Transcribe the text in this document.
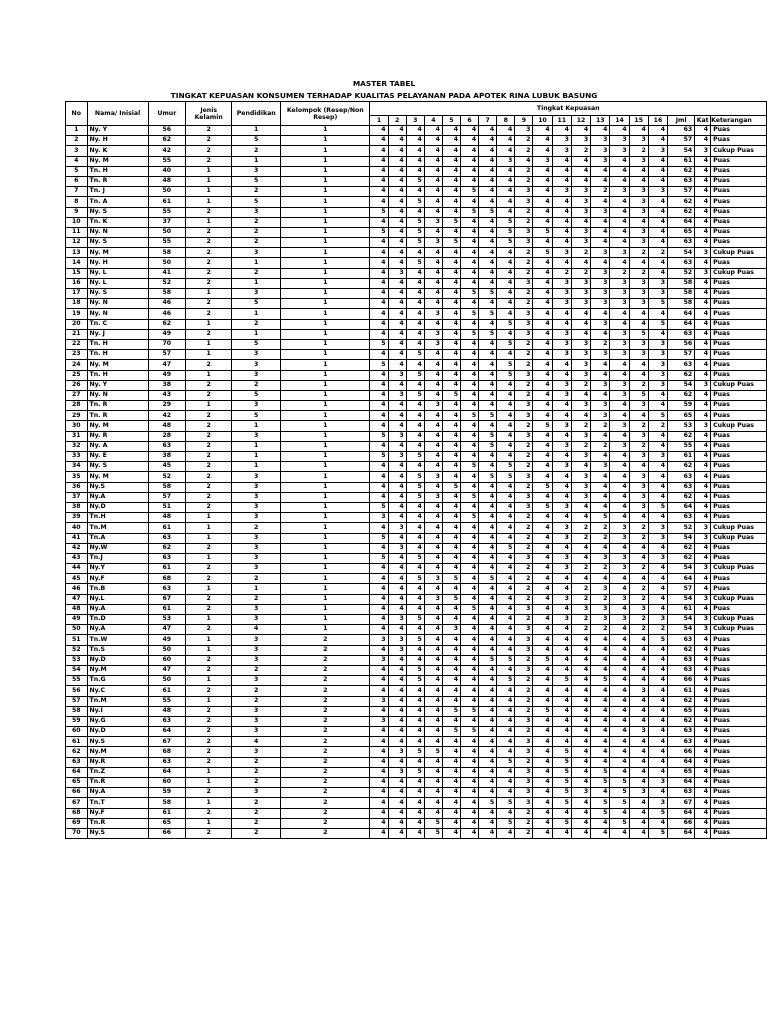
MASTER TABEL
TINGKAT KEPUASAN KONSUMEN TERHADAP KUALITAS PELAYANAN PADA APOTEK RINA LUBUK BASUNG
No	Nama/ Inisial	Umur	Jenis Kelamin	Pendidikan	Kelompok (Resep/Non Resep)	Tingkat Kepuasan																		
						1	2	3	4	5	6	7	8	9	10	11	12	13	14	15	16	Jml	Kat	Keterangan
1	Ny. Y	56	2	1	1	4	4	4	4	4	4	4	4	3	4	4	4	4	4	4	4	63	4	Puas
2	Ny. H	62	2	5	1	4	4	4	4	4	4	4	4	2	4	3	3	3	3	3	4	57	4	Puas
3	Ny. K	42	2	2	1	4	4	4	4	4	4	4	4	2	4	3	2	3	3	2	3	54	3	Cukup Puas
4	Ny. M	55	2	1	1	4	4	4	4	4	4	4	3	4	3	4	4	3	4	3	4	61	4	Puas
5	Tn. H	40	1	3	1	4	4	4	4	4	4	4	4	2	4	4	4	4	4	4	4	62	4	Puas
6	Tn. R	48	1	5	1	4	4	5	4	4	4	4	4	2	4	4	4	4	4	4	4	63	4	Puas
7	Tn. J	50	1	2	1	4	4	4	4	4	5	4	4	3	4	3	3	2	3	3	3	57	4	Puas
8	Tn. A	61	1	5	1	4	4	5	4	4	4	4	4	3	4	4	3	4	4	3	4	62	4	Puas
9	Ny. S	55	2	3	1	5	4	4	4	4	5	5	4	2	4	4	3	3	4	3	4	62	4	Puas
10	Tn. K	37	1	2	1	4	4	5	3	5	4	4	5	2	4	4	4	4	4	4	4	64	4	Puas
11	Ny. N	50	2	2	1	5	4	5	4	4	4	4	5	3	5	4	3	4	4	3	4	65	4	Puas
12	Ny. S	55	2	2	1	4	4	5	3	5	4	4	5	3	4	4	3	4	4	3	4	63	4	Puas
13	Ny. M	58	2	3	1	4	4	4	4	4	4	4	4	2	5	3	2	3	3	2	2	54	3	Cukup Puas
14	Ny. H	50	2	1	1	4	4	5	4	4	4	4	4	2	4	4	4	4	4	4	4	63	4	Puas
15	Ny. L	41	2	2	1	4	3	4	4	4	4	4	4	2	4	2	2	3	2	2	4	52	3	Cukup Puas
16	Ny. L	52	2	1	1	4	4	4	4	4	4	4	4	3	4	3	3	3	3	3	3	58	4	Puas
17	Ny. S	58	1	3	1	4	4	4	4	4	5	5	4	2	4	3	3	3	3	3	3	58	4	Puas
18	Ny. N	46	2	5	1	4	4	4	4	4	4	4	4	2	4	3	3	3	3	3	5	58	4	Puas
19	Ny. N	46	2	1	1	4	4	4	3	4	5	5	4	3	4	4	4	4	4	4	4	64	4	Puas
20	Tn. C	62	1	2	1	4	4	4	4	4	4	4	5	3	4	4	4	3	4	4	5	64	4	Puas
21	Ny. J	49	2	1	1	4	4	4	3	4	5	5	4	3	4	3	4	4	3	5	4	63	4	Puas
22	Tn. H	70	1	5	1	5	4	4	3	4	4	4	5	2	4	3	3	2	3	3	3	56	4	Puas
23	Tn. H	57	1	3	1	4	4	5	4	4	4	4	4	2	4	3	3	3	3	3	3	57	4	Puas
24	Ny. M	47	2	3	1	5	4	4	4	4	4	4	5	2	4	4	3	4	4	4	3	63	4	Puas
25	Tn. H	49	1	3	1	4	3	5	4	4	4	4	5	3	4	4	3	4	4	4	3	62	4	Puas
26	Ny. Y	38	2	2	1	4	4	4	4	4	4	4	4	2	4	3	2	3	3	2	3	54	3	Cukup Puas
27	Ny. N	43	2	5	1	4	3	5	4	5	4	4	4	2	4	3	4	4	3	5	4	62	4	Puas
28	Tn. R	29	1	3	1	4	4	4	3	4	4	4	4	3	4	4	3	3	4	3	4	59	4	Puas
29	Tn. R	42	2	5	1	4	4	4	4	4	5	5	4	3	4	4	4	3	4	4	5	65	4	Puas
30	Ny. M	48	2	1	1	4	4	4	4	4	4	4	4	2	5	3	2	2	3	2	2	53	3	Cukup Puas
31	Ny. R	28	2	3	1	5	3	4	4	4	4	5	4	3	4	4	3	4	4	3	4	62	4	Puas
32	Ny. A	63	2	1	1	4	4	4	4	4	4	5	4	2	4	3	2	2	3	2	4	55	4	Puas
33	Ny. E	38	2	1	1	5	3	5	4	4	4	4	4	2	4	4	3	4	4	3	3	61	4	Puas
34	Ny. S	45	2	1	1	4	4	4	4	4	5	4	5	2	4	3	4	3	4	4	4	62	4	Puas
35	Ny. M	52	2	3	1	4	4	5	3	4	4	5	5	3	4	4	3	4	4	3	4	63	4	Puas
36	Ny.S	58	2	3	1	4	4	5	4	5	4	4	4	2	5	4	3	4	4	3	4	63	4	Puas
37	Ny.A	57	2	3	1	4	4	5	3	4	5	4	4	3	4	4	3	4	4	3	4	62	4	Puas
38	Ny.D	51	2	3	1	5	4	4	4	4	4	4	4	3	5	3	4	4	4	3	5	64	4	Puas
39	Tn.H	48	1	3	1	3	4	4	4	4	5	4	4	2	4	4	4	5	4	4	4	63	4	Puas
40	Tn.M	61	1	2	1	4	3	4	4	4	4	4	4	2	4	3	2	2	3	2	3	52	3	Cukup Puas
41	Tn.A	63	1	3	1	5	4	4	4	4	4	4	4	2	4	3	2	2	3	2	3	54	3	Cukup Puas
42	Ny.W	62	2	3	1	4	3	4	4	4	4	4	5	2	4	4	4	4	4	4	4	62	4	Puas
43	Tn.J	63	1	3	1	5	4	5	4	4	4	4	4	3	4	3	4	3	3	4	3	62	4	Puas
44	Ny.Y	61	2	3	1	4	4	4	4	4	4	4	4	2	4	3	2	2	3	2	4	54	3	Cukup Puas
45	Ny.F	68	2	2	1	4	4	5	3	5	4	5	4	2	4	4	4	4	4	4	4	64	4	Puas
46	Tn.B	63	1	1	1	4	4	4	4	4	4	4	4	2	4	4	2	3	4	2	4	57	4	Puas
47	Ny.L	67	2	2	1	4	4	4	3	5	4	4	4	2	4	3	2	2	3	2	4	54	3	Cukup Puas
48	Ny.A	61	2	3	1	4	4	4	4	4	5	4	4	3	4	4	3	3	4	3	4	61	4	Puas
49	Tn.D	53	1	3	1	4	3	5	4	4	4	4	4	2	4	3	2	3	3	2	3	54	3	Cukup Puas
50	Ny.A	47	2	4	1	4	4	4	4	3	4	4	4	3	4	4	2	2	4	2	2	54	3	Cukup Puas
51	Tn.W	49	1	3	2	3	3	5	4	4	4	4	4	3	4	4	4	4	4	4	5	63	4	Puas
52	Tn.S	50	1	3	2	4	3	4	4	4	4	4	4	3	4	4	4	4	4	4	4	62	4	Puas
53	Ny.D	60	2	3	2	3	4	4	4	4	4	5	5	2	5	4	4	4	4	4	4	63	4	Puas
54	Ny.M	47	2	2	2	4	4	5	4	4	4	4	4	3	4	4	4	4	4	4	4	63	4	Puas
55	Tn.G	50	1	3	2	4	4	5	4	4	4	4	5	2	4	5	4	5	4	4	4	66	4	Puas
56	Ny.C	61	2	2	2	4	4	4	4	4	4	4	4	2	4	4	4	4	4	3	4	61	4	Puas
57	Tn.M	55	1	2	2	3	4	4	4	4	4	4	4	2	4	4	4	4	4	4	4	62	4	Puas
58	Ny.I	48	2	3	2	4	4	4	4	5	5	4	4	2	5	4	4	4	4	4	4	65	4	Puas
59	Ny.G	63	2	3	2	3	4	4	4	4	4	4	4	3	4	4	4	4	4	4	4	62	4	Puas
60	Ny.D	64	2	3	2	4	4	4	4	5	5	4	4	2	4	4	4	4	4	3	4	63	4	Puas
61	Ny.S	67	2	4	2	4	4	4	4	4	4	4	4	3	4	4	4	4	4	4	4	63	4	Puas
62	Ny.M	68	2	3	2	4	3	5	5	4	4	4	4	3	4	5	4	4	4	4	4	66	4	Puas
63	Ny.R	63	2	2	2	4	4	4	4	4	4	4	5	2	4	5	4	4	4	4	4	64	4	Puas
64	Tn.Z	64	1	2	2	4	3	5	4	4	4	4	4	3	4	5	4	5	4	4	4	65	4	Puas
65	Tn.R	60	1	2	2	4	4	4	4	4	4	4	4	3	4	5	4	5	5	4	3	64	4	Puas
66	Ny.A	59	2	3	2	4	4	4	4	4	4	4	4	3	4	5	3	4	5	3	4	63	4	Puas
67	Tn.T	58	1	2	2	4	4	4	4	4	4	5	5	3	4	5	4	5	5	4	3	67	4	Puas
68	Ny.F	61	2	2	2	4	4	4	4	4	4	4	4	2	4	4	4	5	4	4	5	64	4	Puas
69	Tn.R	65	1	2	2	4	4	4	5	4	4	4	5	2	4	5	4	4	5	4	4	66	4	Puas
70	Ny.S	66	2	2	2	4	4	4	5	4	4	4	4	2	4	4	4	4	4	4	5	64	4	Puas
